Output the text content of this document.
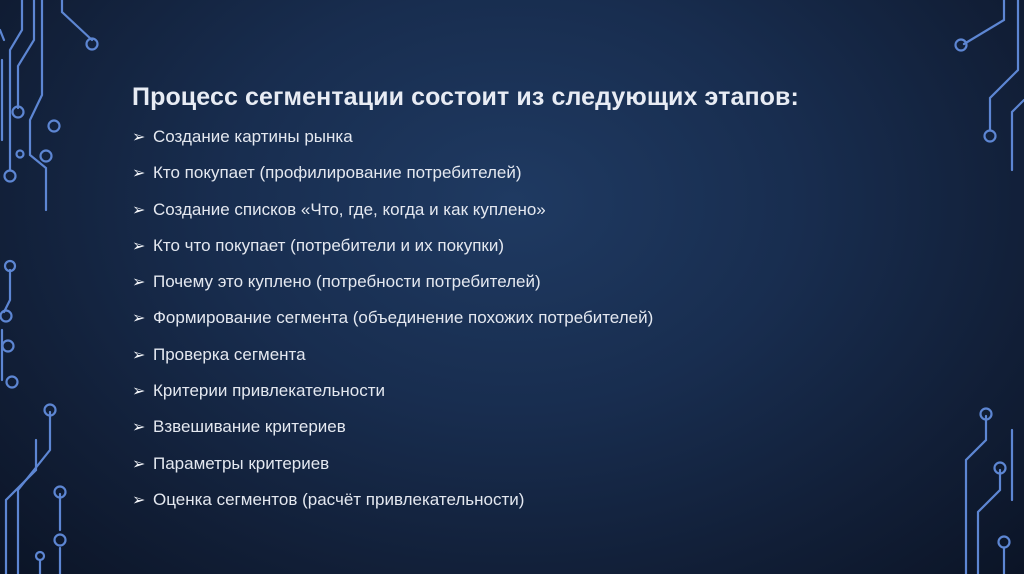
Процесс сегментации состоит из следующих этапов:
➢ Создание картины рынка
➢ Кто покупает (профилирование потребителей)
➢ Создание списков «Что, где, когда и как куплено»
➢ Кто что покупает (потребители и их покупки)
➢ Почему это куплено (потребности потребителей)
➢ Формирование сегмента (объединение похожих потребителей)
➢ Проверка сегмента
➢ Критерии привлекательности
➢ Взвешивание критериев
➢ Параметры критериев
➢ Оценка сегментов (расчёт привлекательности)
